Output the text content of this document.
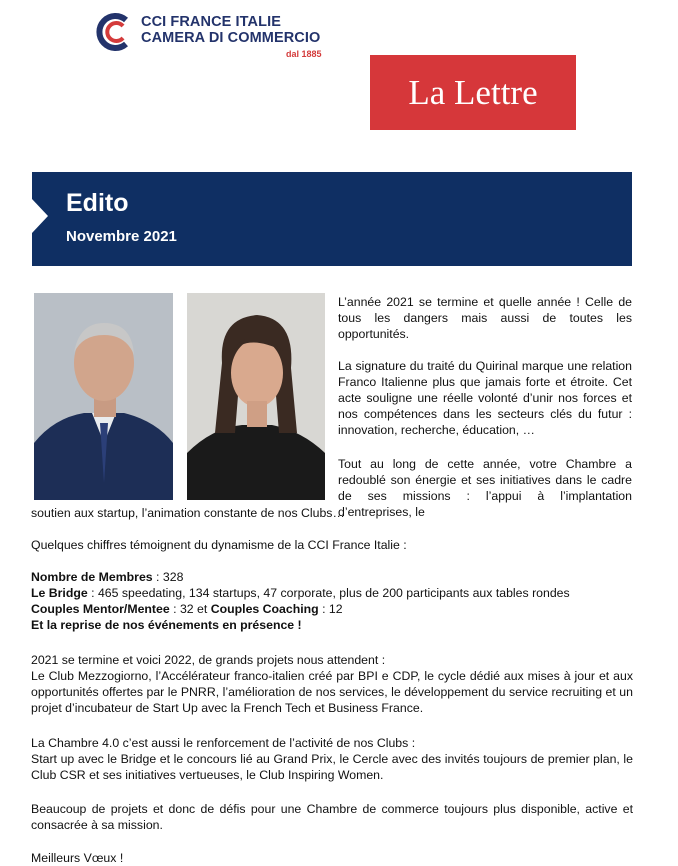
CCI FRANCE ITALIE
CAMERA DI COMMERCIO
dal 1885
La Lettre
Edito
Novembre 2021
L’année 2021 se termine et quelle année ! Celle de tous les dangers mais aussi de toutes les opportunités.
La signature du traité du Quirinal marque une relation Franco Italienne plus que jamais forte et étroite. Cet acte souligne une réelle volonté d’unir nos forces et nos compétences dans les secteurs clés du futur : innovation, recherche, éducation, …
Tout au long de cette année, votre Chambre a redoublé son énergie et ses initiatives dans le cadre de ses missions : l’appui à l’implantation d’entreprises, le
soutien aux startup, l’animation constante de nos Clubs…
Quelques chiffres témoignent du dynamisme de la CCI France Italie :
Nombre de Membres : 328
Le Bridge : 465 speedating, 134 startups, 47 corporate, plus de 200 participants aux tables rondes
Couples Mentor/Mentee : 32 et Couples Coaching : 12
Et la reprise de nos événements en présence !
2021 se termine et voici 2022, de grands projets nous attendent :
Le Club Mezzogiorno, l’Accélérateur franco-italien créé par BPI e CDP, le cycle dédié aux mises à jour et aux opportunités offertes par le PNRR, l’amélioration de nos services, le développement du service recruiting et un projet d’incubateur de Start Up avec la French Tech et Business France.
La Chambre 4.0 c’est aussi le renforcement de l’activité de nos Clubs :
Start up avec le Bridge et le concours lié au Grand Prix, le Cercle avec des invités toujours de premier plan, le Club CSR et ses initiatives vertueuses, le Club Inspiring Women.
Beaucoup de projets et donc de défis pour une Chambre de commerce toujours plus disponible, active et consacrée à sa mission.
Meilleurs Vœux !
